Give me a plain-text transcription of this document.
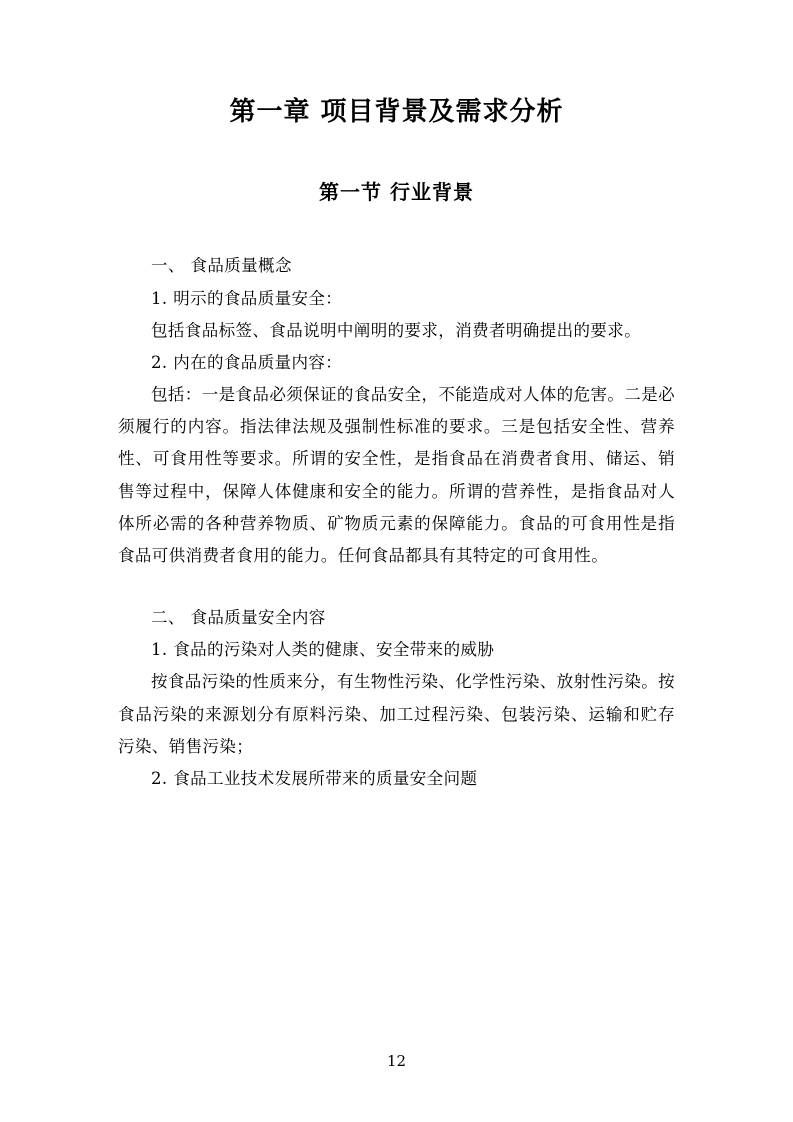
第一章 项目背景及需求分析
第一节 行业背景

一、 食品质量概念

1. 明示的食品质量安全：

包括食品标签、食品说明中阐明的要求，消费者明确提出的要求。

2. 内在的食品质量内容：

包括：一是食品必须保证的食品安全，不能造成对人体的危害。二是必须履行的内容。指法律法规及强制性标准的要求。三是包括安全性、营养性、可食用性等要求。所谓的安全性，是指食品在消费者食用、储运、销售等过程中，保障人体健康和安全的能力。所谓的营养性，是指食品对人体所必需的各种营养物质、矿物质元素的保障能力。食品的可食用性是指食品可供消费者食用的能力。任何食品都具有其特定的可食用性。

二、 食品质量安全内容

1. 食品的污染对人类的健康、安全带来的威胁

按食品污染的性质来分，有生物性污染、化学性污染、放射性污染。按食品污染的来源划分有原料污染、加工过程污染、包装污染、运输和贮存污染、销售污染；

2. 食品工业技术发展所带来的质量安全问题

12
